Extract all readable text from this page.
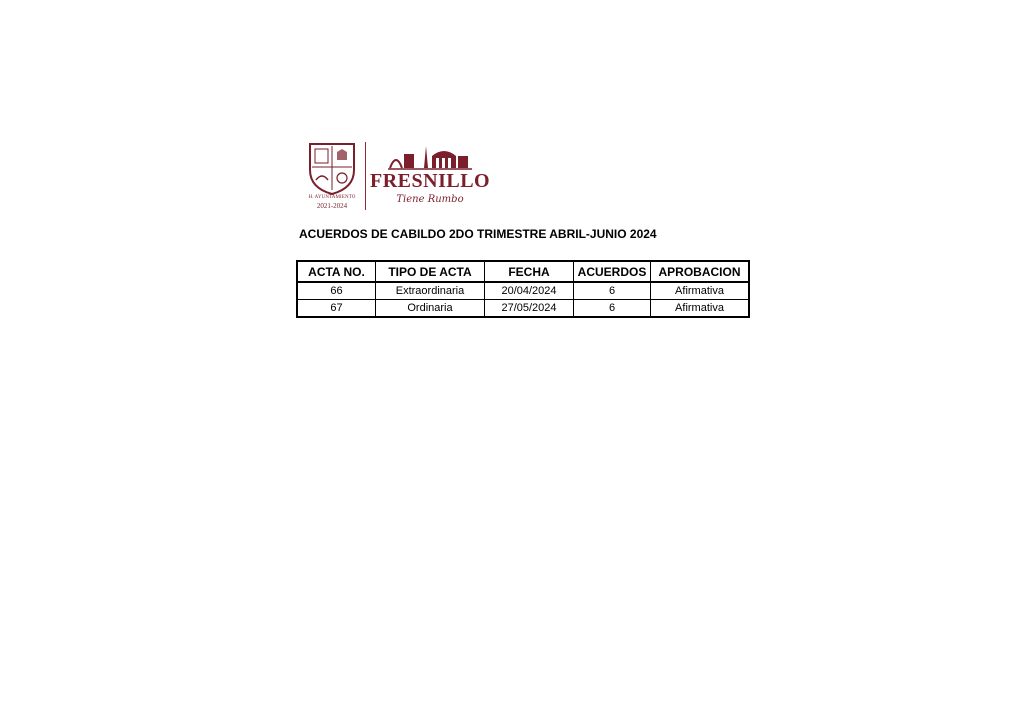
H. AYUNTAMIENTO
2021-2024
FRESNILLO
Tiene Rumbo
ACUERDOS DE CABILDO 2DO TRIMESTRE ABRIL-JUNIO 2024
ACTA NO.	TIPO DE ACTA	FECHA	ACUERDOS	APROBACION
66	Extraordinaria	20/04/2024	6	Afirmativa
67	Ordinaria	27/05/2024	6	Afirmativa
